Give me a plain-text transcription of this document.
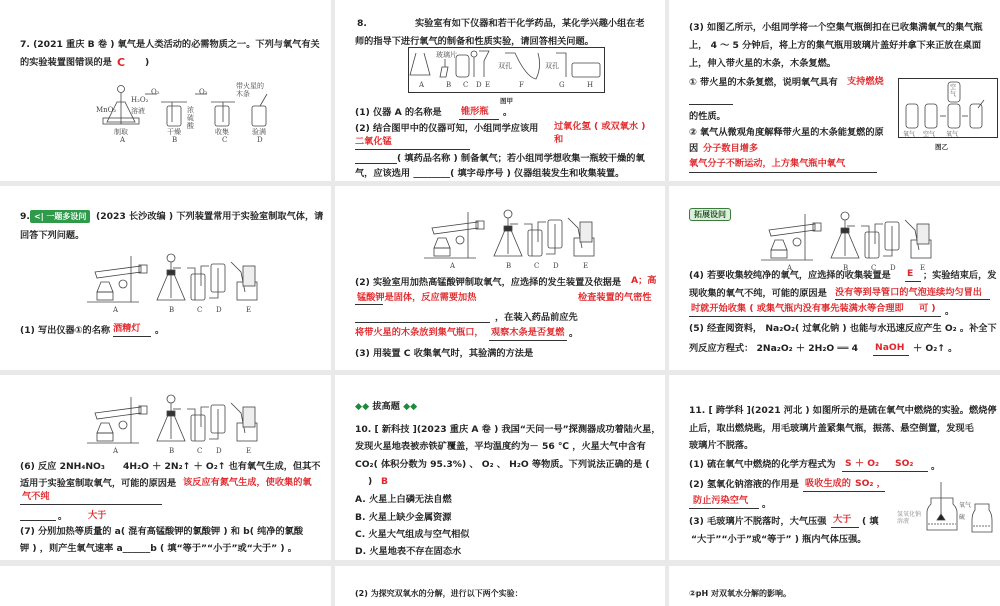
7. (2021 重庆 B 卷 ) 氧气是人类活动的必需物质之一。下列与氧气有关
的实验装置图错误的是 C )
MnO₂
H₂O₂
溶液
O₂	O₂
浓硫酸
带火星的木条
制取	干燥	收集	验满
A	B	C	D
8.	实验室有如下仪器和若干化学药品，某化学兴趣小组在老
师的指导下进行氧气的制备和性质实验，请回答相关问题。
玻璃片
双孔	双孔
A	B C D E	F	G	H
图甲
(1) 仪器 A 的名称是 锥形瓶 。
(2) 结合图甲中的仪器可知，小组同学应该用 过氧化氢 ( 或双氧水 )
和
二氧化锰
( 填药品名称 ) 制备氧气；若小组同学想收集一瓶较干燥的氧
气，应该选用 ________( 填字母序号 ) 仪器组装发生和收集装置。
(3) 如图乙所示，小组同学将一个空集气瓶倒扣在已收集满氧气的集气瓶
上， 4 ～ 5 分钟后，将上方的集气瓶用玻璃片盖好并拿下来正放在桌面
上，伸入带火星的木条，木条复燃。
① 带火星的木条复燃，说明氧气具有 支持燃烧
的性质。
② 氧气从微观角度解释带火星的木条能复燃的原
因 分子数目增多
氧气分子不断运动，上方集气瓶中氧气
氧气 空气 氧气
空气
图乙
9. <| 一题多设问	(2023 长沙改编 ) 下列装置常用于实验室制取气体，请
回答下列问题。
A	B	C D	E
(1) 写出仪器①的名称 酒精灯 。
A	B	C D	E
(2) 实验室用加热高锰酸钾制取氧气，应选择的发生装置及依据是 A；高
锰酸钾是固体，反应需要加热	检查装置的气密性
，在装入药品前应先
将带火星的木条放到集气瓶口， 观察木条是否复燃 。
(3) 用装置 C 收集氧气时，其验满的方法是
拓展设问
A	B	C D	E
(4) 若要收集较纯净的氧气，应选择的收集装置是 E ；实验结束后，发
现收集的氧气不纯，可能的原因是 没有等到导管口的气泡连续均匀冒出
时就开始收集 ( 或集气瓶内没有事先装满水等合理即 可 ) 。
(5) 经查阅资料， Na₂O₂( 过氧化钠 ) 也能与水迅速反应产生 O₂ 。补全下
列反应方程式： 2Na₂O₂ ＋ 2H₂O ══ 4 NaOH ＋ O₂↑ 。
A	B	C D	E
(6) 反应 2NH₄NO₃ 4H₂O ＋ 2N₂↑ ＋ O₂↑ 也有氧气生成，但其不
适用于实验室制取氧气，可能的原因是 该反应有氮气生成，使收集的氧
气不纯
。 大于
(7) 分别加热等质量的 a( 混有高锰酸钾的氯酸钾 ) 和 b( 纯净的氯酸
钾 ) ，则产生氧气速率 a______b ( 填“等于”“小于”或“大于” ) 。
◆◆ 拔高题 ◆◆
10. [ 新科技 ](2023 重庆 A 卷 ) 我国“天问一号”探测器成功着陆火星，
发现火星地表被赤铁矿覆盖，平均温度约为－ 56 ℃ ，火星大气中含有
CO₂( 体积分数为 95.3%) 、 O₂ 、 H₂O 等物质。下列说法正确的是 (
) B
A. 火星上白磷无法自燃
B. 火星上缺少金属资源
C. 火星大气组成与空气相似
D. 火星地表不存在固态水
11. [ 跨学科 ](2021 河北 ) 如图所示的是硫在氧气中燃烧的实验。燃烧停
止后，取出燃烧匙，用毛玻璃片盖紧集气瓶，振荡、悬空倒置，发现毛
玻璃片不脱落。
(1) 硫在氧气中燃烧的化学方程式为 S ＋ O₂ SO₂ 。
(2) 氢氧化钠溶液的作用是 吸收生成的 SO₂ ，
防止污染空气 。
(3) 毛玻璃片不脱落时，大气压强 大于 ( 填
“大于”“小于”或“等于” ) 瓶内气体压强。
氧气
硫
氢氧化钠溶液
(2) 为探究双氧水的分解，进行以下两个实验：	②pH 对双氧水分解的影响。
